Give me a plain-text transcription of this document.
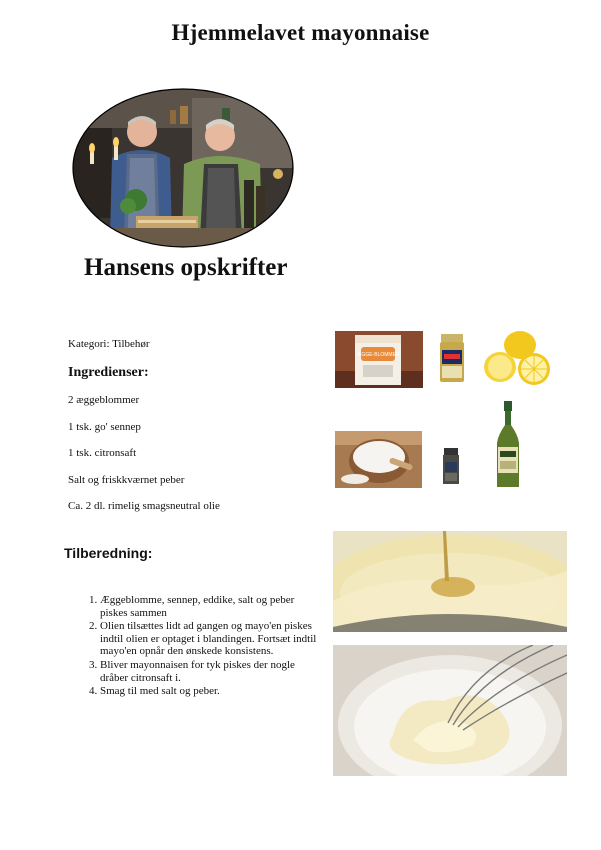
Hjemmelavet mayonnaise
Hansens opskrifter
Kategori: Tilbehør
Ingredienser:
2 æggeblommer
1 tsk. go' sennep
1 tsk. citronsaft
Salt og friskkværnet peber
Ca. 2 dl. rimelig smagsneutral olie
Tilberedning:
1. Æggeblomme, sennep, eddike, salt og peber    piskes sammen
2. Olien tilsættes lidt ad gangen og mayo'en piskes indtil olien er optaget i blandingen. Fortsæt indtil mayo'en opnår den ønskede konsistens.
3. Bliver mayonnaisen for tyk piskes der nogle dråber citronsaft i.
4. Smag til med salt og peber.
ÆGGE-BLOMMER
